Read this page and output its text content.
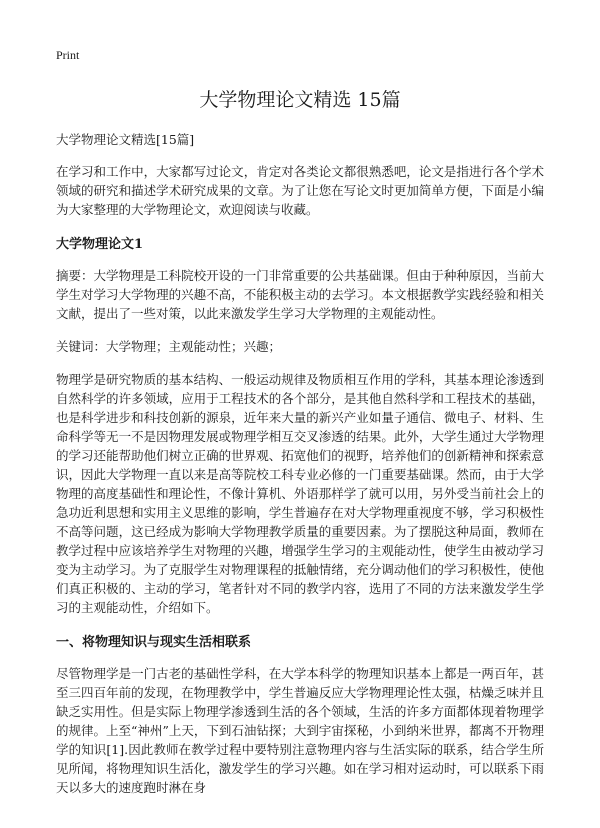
Print
大学物理论文精选 15篇
大学物理论文精选[15篇]

在学习和工作中，大家都写过论文，肯定对各类论文都很熟悉吧，论文是指进行各个学术领域的研究和描述学术研究成果的文章。为了让您在写论文时更加简单方便，下面是小编为大家整理的大学物理论文，欢迎阅读与收藏。

大学物理论文1

摘要：大学物理是工科院校开设的一门非常重要的公共基础课。但由于种种原因，当前大学生对学习大学物理的兴趣不高，不能积极主动的去学习。本文根据教学实践经验和相关文献，提出了一些对策，以此来激发学生学习大学物理的主观能动性。

关键词：大学物理；主观能动性；兴趣；

物理学是研究物质的基本结构、一般运动规律及物质相互作用的学科，其基本理论渗透到自然科学的许多领域，应用于工程技术的各个部分，是其他自然科学和工程技术的基础，也是科学进步和科技创新的源泉，近年来大量的新兴产业如量子通信、微电子、材料、生命科学等无一不是因物理发展或物理学相互交叉渗透的结果。此外，大学生通过大学物理的学习还能帮助他们树立正确的世界观、拓宽他们的视野，培养他们的创新精神和探索意识，因此大学物理一直以来是高等院校工科专业必修的一门重要基础课。然而，由于大学物理的高度基础性和理论性，不像计算机、外语那样学了就可以用，另外受当前社会上的急功近利思想和实用主义思维的影响，学生普遍存在对大学物理重视度不够，学习积极性不高等问题，这已经成为影响大学物理教学质量的重要因素。为了摆脱这种局面，教师在教学过程中应该培养学生对物理的兴趣，增强学生学习的主观能动性，使学生由被动学习变为主动学习。为了克服学生对物理课程的抵触情绪，充分调动他们的学习积极性，使他们真正积极的、主动的学习，笔者针对不同的教学内容，选用了不同的方法来激发学生学习的主观能动性，介绍如下。

一、将物理知识与现实生活相联系

尽管物理学是一门古老的基础性学科，在大学本科学的物理知识基本上都是一两百年，甚至三四百年前的发现，在物理教学中，学生普遍反应大学物理理论性太强，枯燥乏味并且缺乏实用性。但是实际上物理学渗透到生活的各个领域，生活的许多方面都体现着物理学的规律。上至“神州”上天，下到石油钻探；大到宇宙探秘，小到纳米世界，都离不开物理学的知识[1].因此教师在教学过程中要特别注意物理内容与生活实际的联系，结合学生所见所闻，将物理知识生活化，激发学生的学习兴趣。如在学习相对运动时，可以联系下雨天以多大的速度跑时淋在身
